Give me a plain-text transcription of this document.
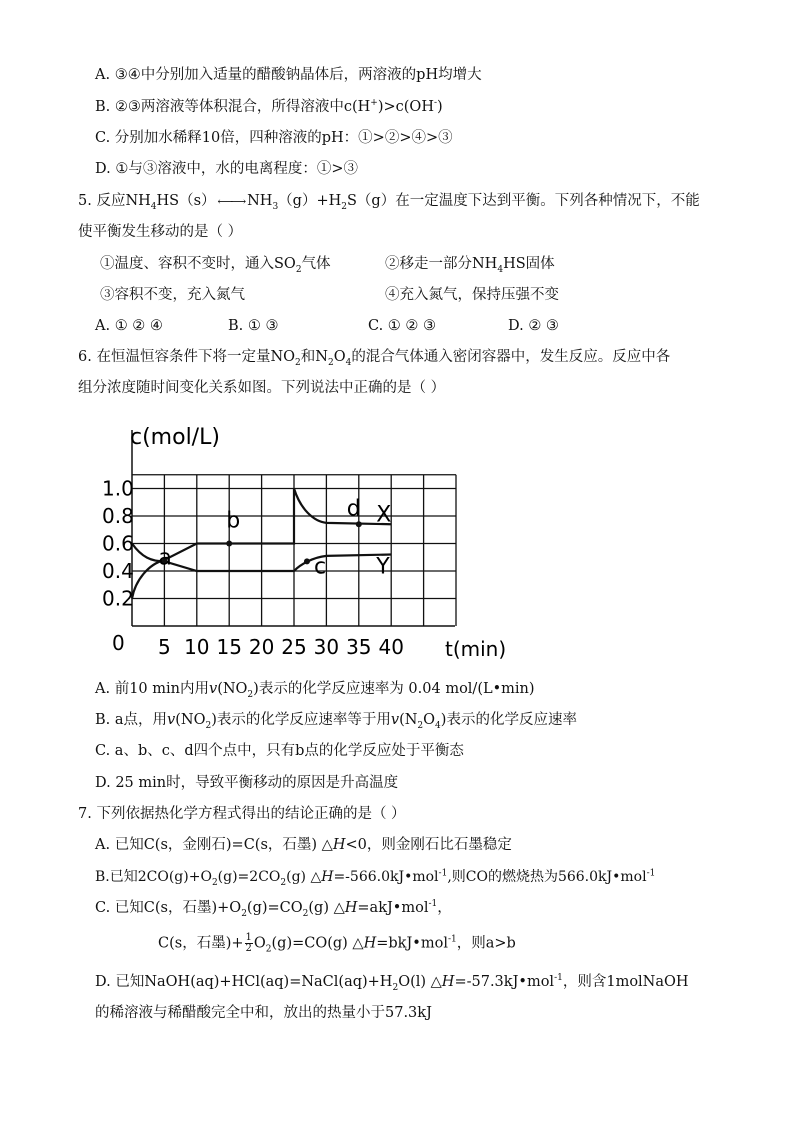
A. ③④中分别加入适量的醋酸钠晶体后，两溶液的pH均增大
B. ②③两溶液等体积混合，所得溶液中c(H+)>c(OH-)
C. 分别加水稀释10倍，四种溶液的pH：①>②>④>③
D. ①与③溶液中，水的电离程度：①>③
5. 反应$NH_4HS(s)$ ⟵⟶ $NH_3(g)+H_2S(g)$在一定温度下达到平衡。下列各种情况下，不能
使平衡发生移动的是（ ）
①温度、容积不变时，通入$SO_2$气体	②移走一部分$NH_4HS$固体
③容积不变，充入氮气	④充入氮气，保持压强不变
A. ① ② ④	B. ① ③	C. ① ② ③	D. ② ③
6. 在恒温恒容条件下将一定量$NO_2$和$N_2O_4$的混合气体通入密闭容器中，发生反应。反应中各
组分浓度随时间变化关系如图。下列说法中正确的是（ ）
X
Y
a
b
c
d
5 10 15 20 25 30 35 40
1.0
0.8
0.6
0.4
0.2
c(mol/L)
t(min)
0
A. 前10 min内用$v(NO_2)$表示的化学反应速率为 0.04 mol/(L•min)
B. a点，用$v(NO_2)$表示的化学反应速率等于用$v(N_2O_4)$表示的化学反应速率
C. a、b、c、d四个点中，只有b点的化学反应处于平衡态
D. 25 min时，导致平衡移动的原因是升高温度
7. 下列依据热化学方程式得出的结论正确的是（ ）
A. 已知C(s，金刚石)=C(s，石墨) △H<0，则金刚石比石墨稳定
B.已知$2CO(g)+O_2(g)=2CO_2(g)$ △H=-566.0kJ•mol$^{-1}$,则CO的燃烧热为566.0kJ•mol$^{-1}$
C. 已知C(s，石墨)$+O_2(g)=CO_2(g)$ △H=akJ•mol$^{-1}$，
C(s，石墨)+ $\frac{1}{2} O_2(g)=CO(g)$ △H=bkJ•mol$^{-1}$，则a>b
D. 已知$NaOH(aq)+HCl(aq)=NaCl(aq)+H_2O(l)$ △H=-57.3kJ•mol$^{-1}$，则含1molNaOH
的稀溶液与稀醋酸完全中和，放出的热量小于57.3kJ
